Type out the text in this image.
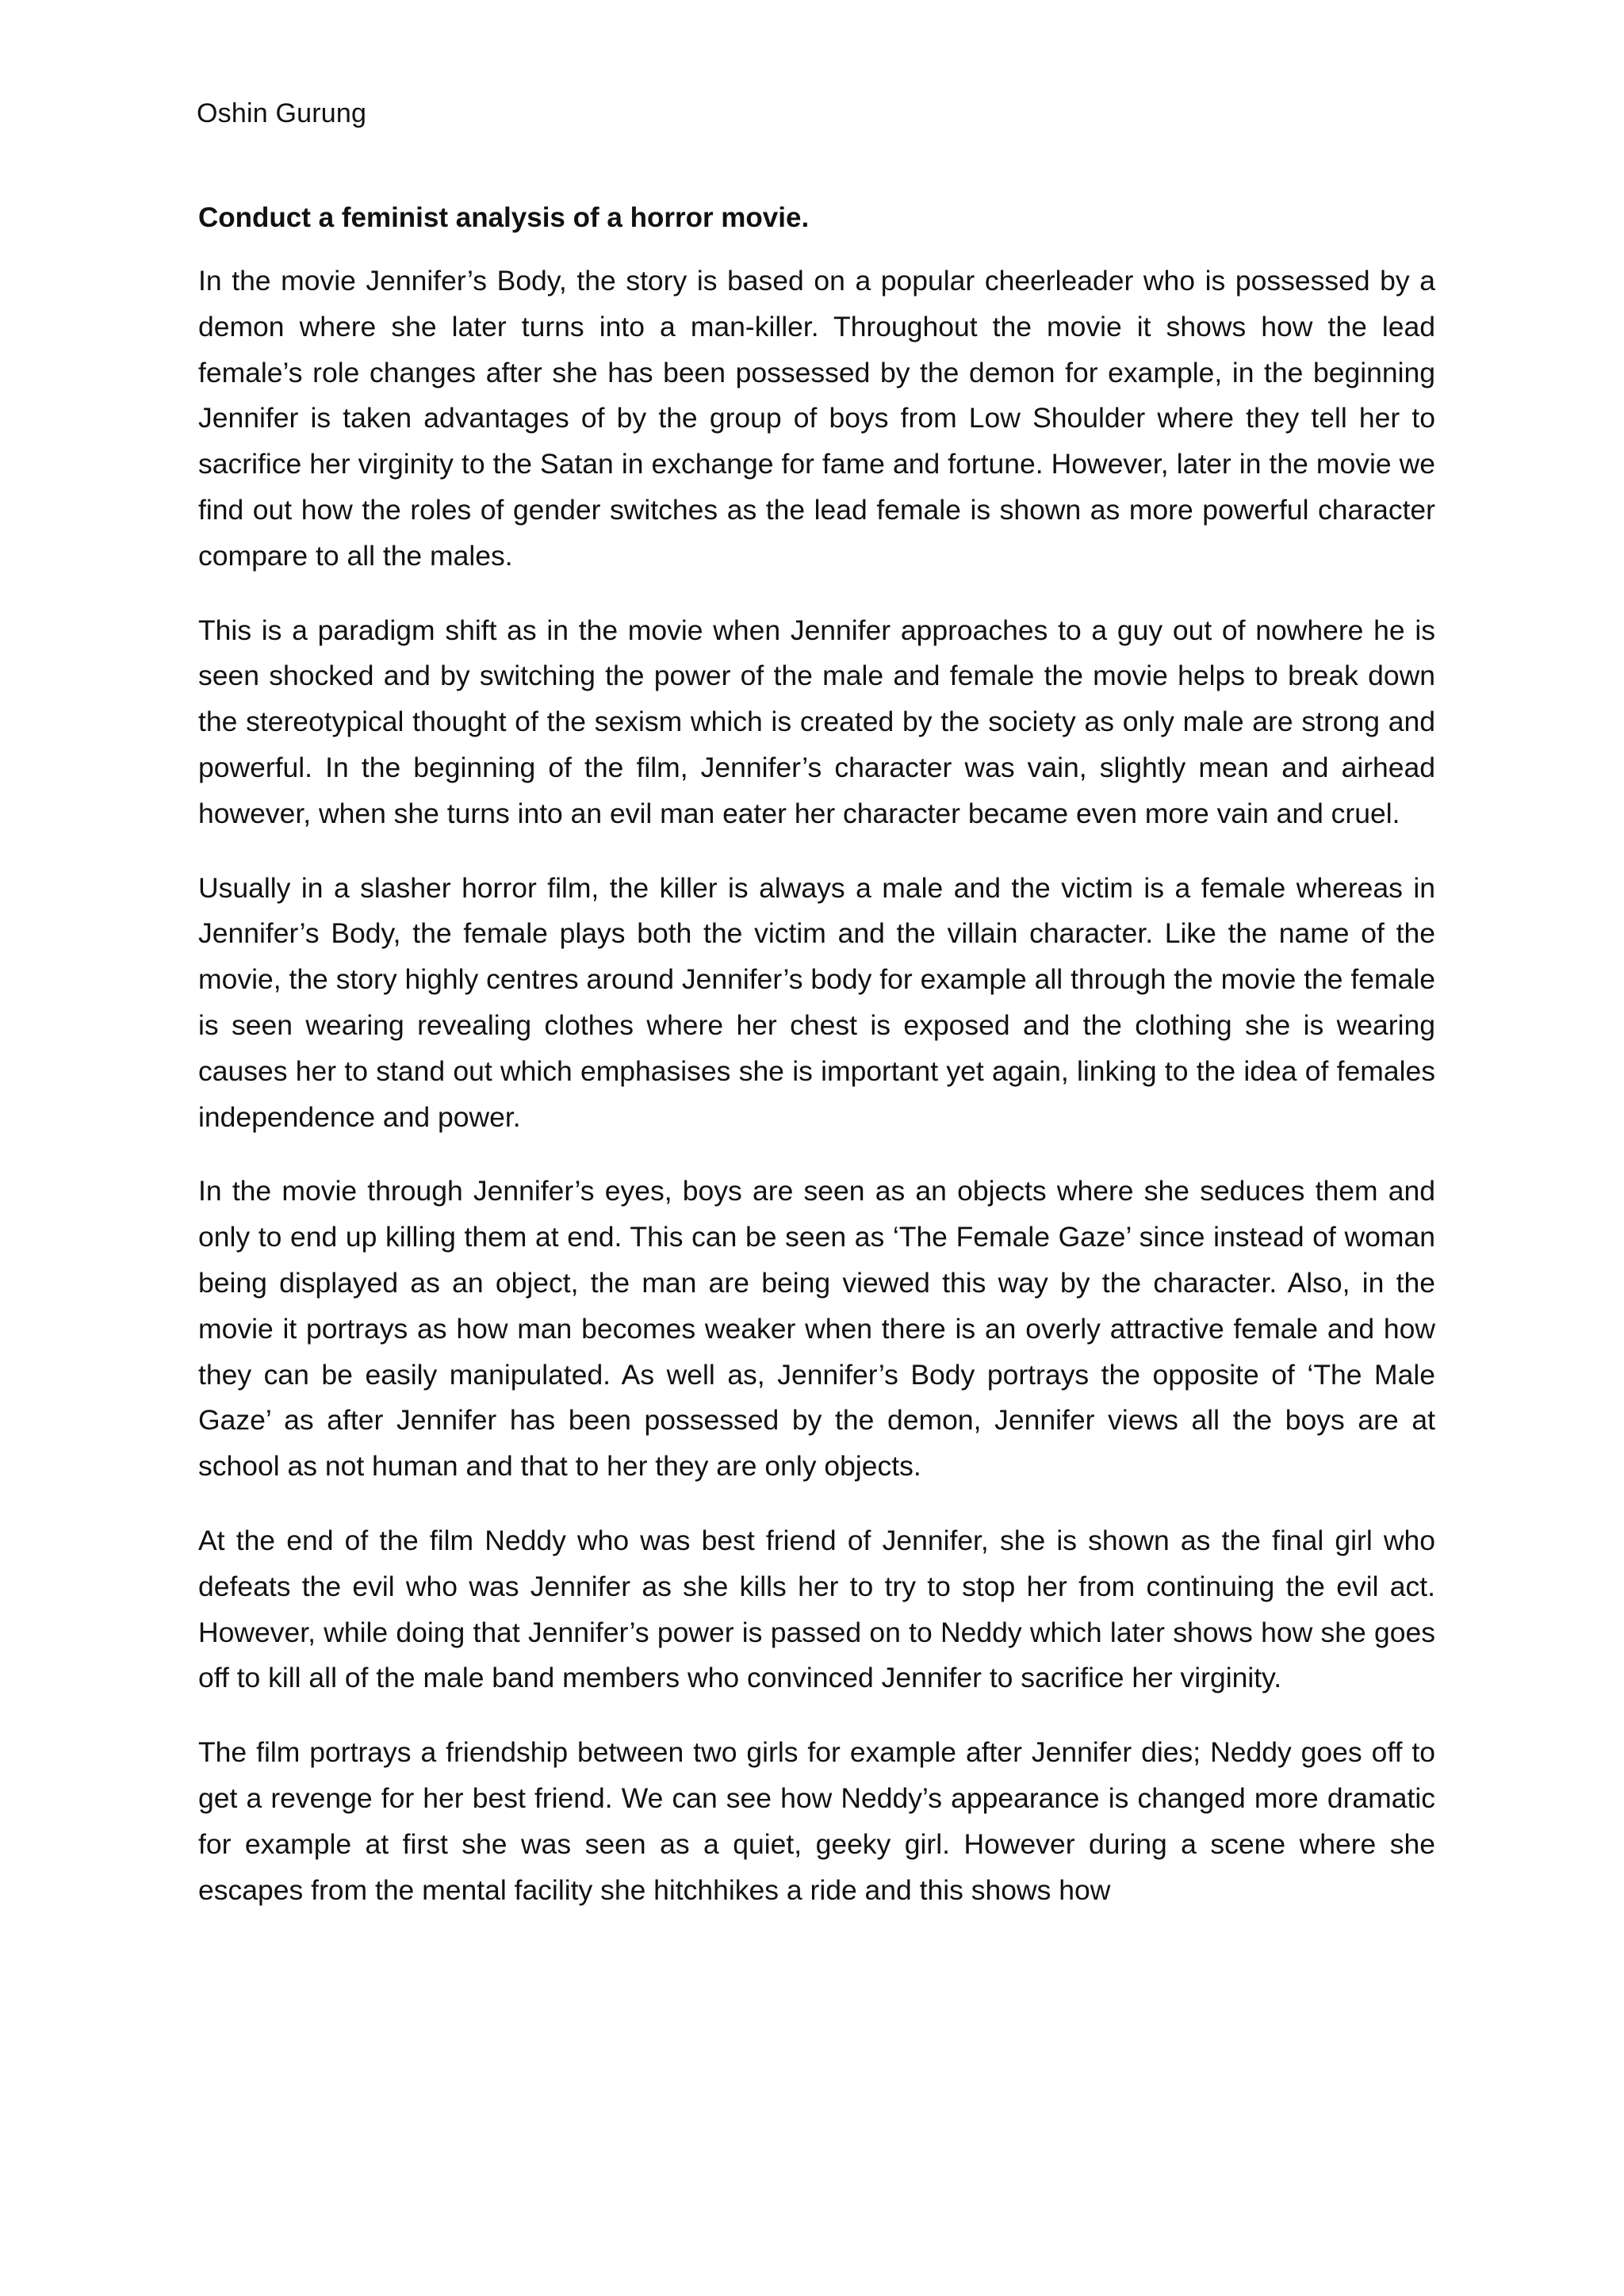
Oshin Gurung
Conduct a feminist analysis of a horror movie.

In the movie Jennifer’s Body, the story is based on a popular cheerleader who is possessed by a demon where she later turns into a man-killer. Throughout the movie it shows how the lead female’s role changes after she has been possessed by the demon for example, in the beginning Jennifer is taken advantages of by the group of boys from Low Shoulder where they tell her to sacrifice her virginity to the Satan in exchange for fame and fortune. However, later in the movie we find out how the roles of gender switches as the lead female is shown as more powerful character compare to all the males.

This is a paradigm shift as in the movie when Jennifer approaches to a guy out of nowhere he is seen shocked and by switching the power of the male and female the movie helps to break down the stereotypical thought of the sexism which is created by the society as only male are strong and powerful. In the beginning of the film, Jennifer’s character was vain, slightly mean and airhead however, when she turns into an evil man eater her character became even more vain and cruel.

Usually in a slasher horror film, the killer is always a male and the victim is a female whereas in Jennifer’s Body, the female plays both the victim and the villain character. Like the name of the movie, the story highly centres around Jennifer’s body for example all through the movie the female is seen wearing revealing clothes where her chest is exposed and the clothing she is wearing causes her to stand out which emphasises she is important yet again, linking to the idea of females independence and power.

In the movie through Jennifer’s eyes, boys are seen as an objects where she seduces them and only to end up killing them at end. This can be seen as ‘The Female Gaze’ since instead of woman being displayed as an object, the man are being viewed this way by the character. Also, in the movie it portrays as how man becomes weaker when there is an overly attractive female and how they can be easily manipulated. As well as, Jennifer’s Body portrays the opposite of ‘The Male Gaze’ as after Jennifer has been possessed by the demon, Jennifer views all the boys are at school as not human and that to her they are only objects.

At the end of the film Neddy who was best friend of Jennifer, she is shown as the final girl who defeats the evil who was Jennifer as she kills her to try to stop her from continuing the evil act. However, while doing that Jennifer’s power is passed on to Neddy which later shows how she goes off to kill all of the male band members who convinced Jennifer to sacrifice her virginity.

The film portrays a friendship between two girls for example after Jennifer dies; Neddy goes off to get a revenge for her best friend. We can see how Neddy’s appearance is changed more dramatic for example at first she was seen as a quiet, geeky girl. However during a scene where she escapes from the mental facility she hitchhikes a ride and this shows how
